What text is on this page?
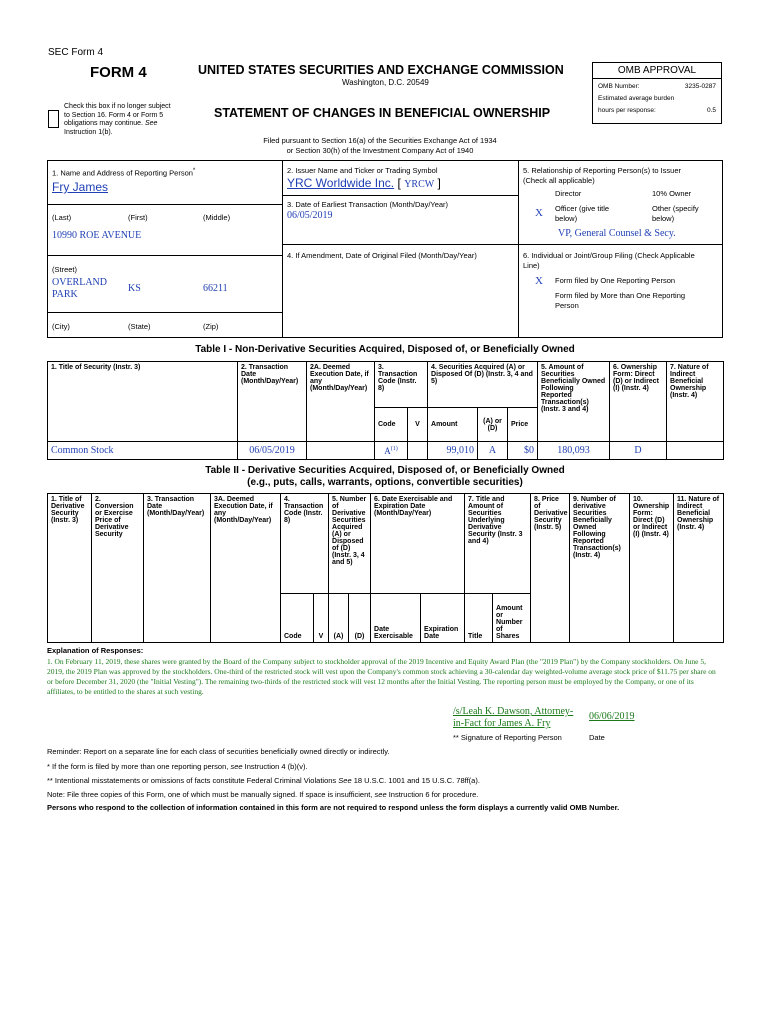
SEC Form 4
FORM 4	UNITED STATES SECURITIES AND EXCHANGE COMMISSION
Washington, D.C. 20549
Check this box if no longer subject
to Section 16. Form 4 or Form 5
obligations may continue. See
Instruction 1(b).
STATEMENT OF CHANGES IN BENEFICIAL OWNERSHIP
Filed pursuant to Section 16(a) of the Securities Exchange Act of 1934
or Section 30(h) of the Investment Company Act of 1940
OMB APPROVAL
OMB Number:	3235-0287
Estimated average burden
hours per response:	0.5
1. Name and Address of Reporting Person*
Fry James
(Last)	(First)	(Middle)
10990 ROE AVENUE
(Street)
OVERLAND
PARK
KS	66211
(City)	(State)	(Zip)
2. Issuer Name and Ticker or Trading Symbol
YRC Worldwide Inc. [ YRCW ]
3. Date of Earliest Transaction (Month/Day/Year)
06/05/2019
4. If Amendment, Date of Original Filed (Month/Day/Year)
5. Relationship of Reporting Person(s) to Issuer
(Check all applicable)
Director	10% Owner
X Officer (give title
below)
Other (specify
below)
VP, General Counsel & Secy.
6. Individual or Joint/Group Filing (Check Applicable
Line)
X Form filed by One Reporting Person
Form filed by More than One Reporting
Person
Table I - Non-Derivative Securities Acquired, Disposed of, or Beneficially Owned
1. Title of Security (Instr. 3)	2. Transaction Date (Month/Day/Year)	2A. Deemed Execution Date, if any (Month/Day/Year)	3. Transaction Code (Instr. 8)		4. Securities Acquired (A) or Disposed Of (D) (Instr. 3, 4 and 5)			5. Amount of Securities Beneficially Owned Following Reported Transaction(s) (Instr. 3 and 4)	6. Ownership Form: Direct (D) or Indirect (I) (Instr. 4)	7. Nature of Indirect Beneficial Ownership (Instr. 4)
			Code	V	Amount	(A) or (D)	Price			
Common Stock	06/05/2019		$A^{(1)}$		99,010	A	$0	180,093	D	
Table II - Derivative Securities Acquired, Disposed of, or Beneficially Owned
(e.g., puts, calls, warrants, options, convertible securities)
1. Title of Derivative Security (Instr. 3)	2. Conversion or Exercise Price of Derivative Security	3. Transaction Date (Month/Day/Year)	3A. Deemed Execution Date, if any (Month/Day/Year)	4. Transaction Code (Instr. 8)		5. Number of Derivative Securities Acquired (A) or Disposed of (D) (Instr. 3, 4 and 5)		6. Date Exercisable and Expiration Date (Month/Day/Year)		7. Title and Amount of Securities Underlying Derivative Security (Instr. 3 and 4)		8. Price of Derivative Security (Instr. 5)	9. Number of derivative Securities Beneficially Owned Following Reported Transaction(s) (Instr. 4)	10. Ownership Form: Direct (D) or Indirect (I) (Instr. 4)	11. Nature of Indirect Beneficial Ownership (Instr. 4)
				Code	V	(A)	(D)	Date Exercisable	Expiration Date	Title	Amount or Number of Shares				
Explanation of Responses:
1. On February 11, 2019, these shares were granted by the Board of the Company subject to stockholder approval of the 2019 Incentive and Equity Award Plan (the "2019 Plan") by the Company stockholders. On June 5, 2019, the 2019 Plan was approved by the stockholders. One-third of the restricted stock will vest upon the Company's common stock achieving a 30-calendar day weighted-volume average stock price of $11.75 per share on or before December 31, 2020 (the "Initial Vesting"). The remaining two-thirds of the restricted stock will vest 12 months after the Initial Vesting. The reporting person must be employed by the Company, or one of its affiliates, to be entitled to the shares at such vesting.
/s/Leah K. Dawson, Attorney-
in-Fact for James A. Fry
06/06/2019
** Signature of Reporting Person	Date
Reminder: Report on a separate line for each class of securities beneficially owned directly or indirectly.
* If the form is filed by more than one reporting person, see Instruction 4 (b)(v).
** Intentional misstatements or omissions of facts constitute Federal Criminal Violations See 18 U.S.C. 1001 and 15 U.S.C. 78ff(a).
Note: File three copies of this Form, one of which must be manually signed. If space is insufficient, see Instruction 6 for procedure.
Persons who respond to the collection of information contained in this form are not required to respond unless the form displays a currently valid OMB Number.
